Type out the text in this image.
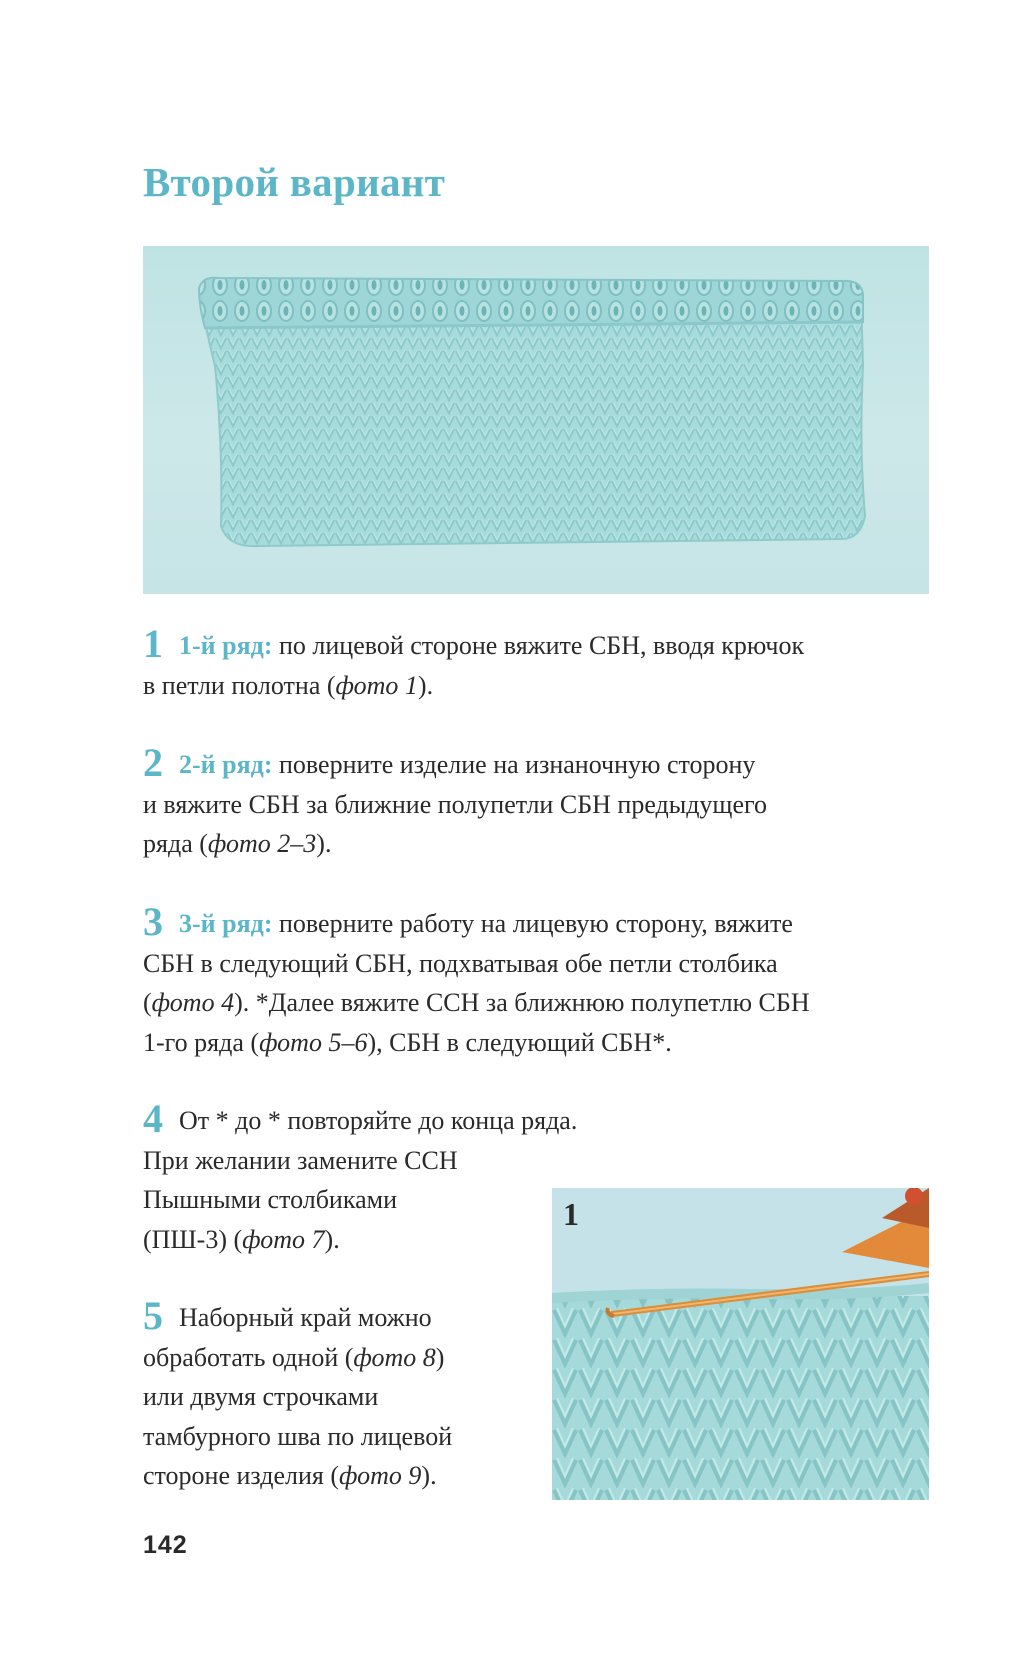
Второй вариант
1 1-й ряд: по лицевой стороне вяжите СБН, вводя крючок
в петли полотна (фото 1).
2 2-й ряд: поверните изделие на изнаночную сторону
и вяжите СБН за ближние полупетли СБН предыдущего
ряда (фото 2–3).
3 3-й ряд: поверните работу на лицевую сторону, вяжите
СБН в следующий СБН, подхватывая обе петли столбика
(фото 4). *Далее вяжите ССН за ближнюю полупетлю СБН
1-го ряда (фото 5–6), СБН в следующий СБН*.
4 От * до * повторяйте до конца ряда.
При желании замените ССН
Пышными столбиками
(ПШ-3) (фото 7).
5 Наборный край можно
обработать одной (фото 8)
или двумя строчками
тамбурного шва по лицевой
стороне изделия (фото 9).
1
142
